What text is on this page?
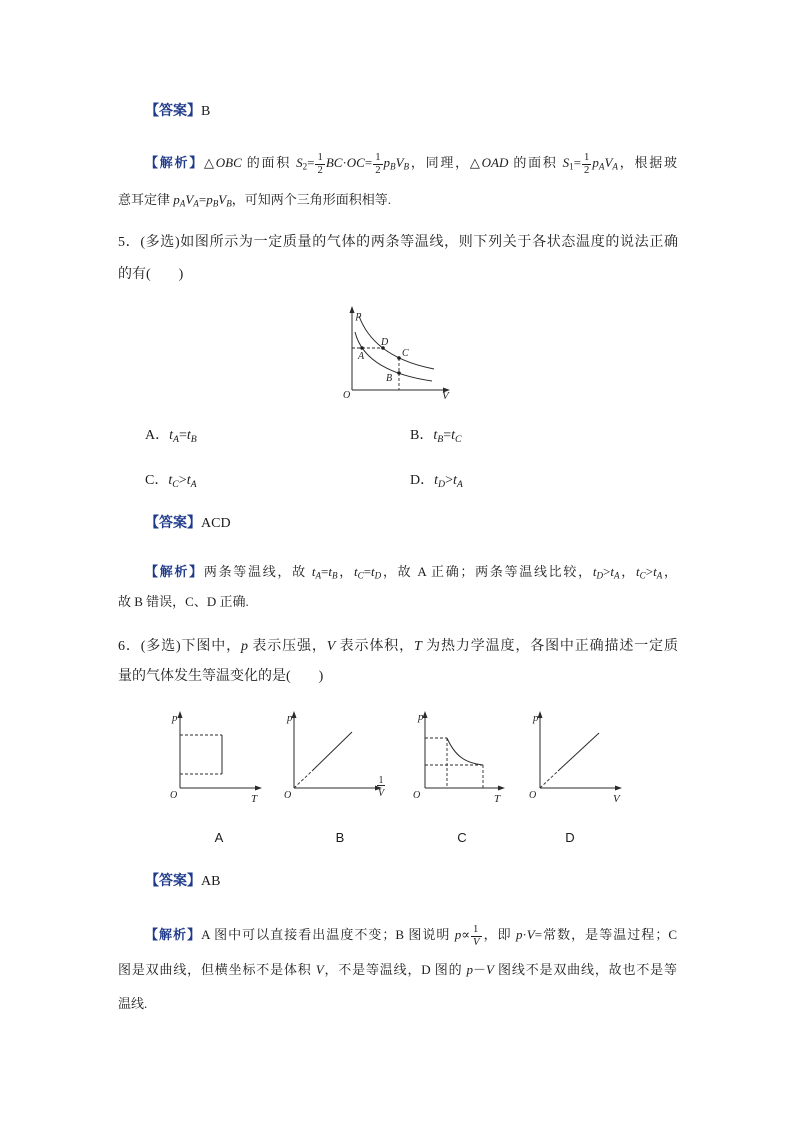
【答案】B
【解析】△OBC 的面积 $S_2= \frac{1}{2} BC\cdot OC= \frac{1}{2} p_BV_B$，同理，△OAD 的面积 $S_1= \frac{1}{2} p_AV_A$，根据玻
意耳定律 $p_AV_A=p_BV_B$，可知两个三角形面积相等.
5．(多选)如图所示为一定质量的气体的两条等温线，则下列关于各状态温度的说法正确
的有(　　)
p
O	V
A
D
C
B
A．$t_A=t_B$	B．$t_B=t_C$
C．$t_C>t_A$	D．$t_D>t_A$
【答案】ACD
【解析】两条等温线，故 $t_A=t_B$，$t_C=t_D$，故 A 正确；两条等温线比较，$t_D>t_A$，$t_C>t_A$，
故 B 错误，C、D 正确.
6．(多选)下图中，p 表示压强，V 表示体积，T 为热力学温度，各图中正确描述一定质
量的气体发生等温变化的是(　　)
p
O	T
p
O
1
V
p
O	T
p
O	V
A	B	C	D
【答案】AB
【解析】A 图中可以直接看出温度不变；B 图说明 $p\propto \frac{1}{V}$ ，即 p·V=常数，是等温过程；C
图是双曲线，但横坐标不是体积 V，不是等温线，D 图的 p－V 图线不是双曲线，故也不是等
温线.
